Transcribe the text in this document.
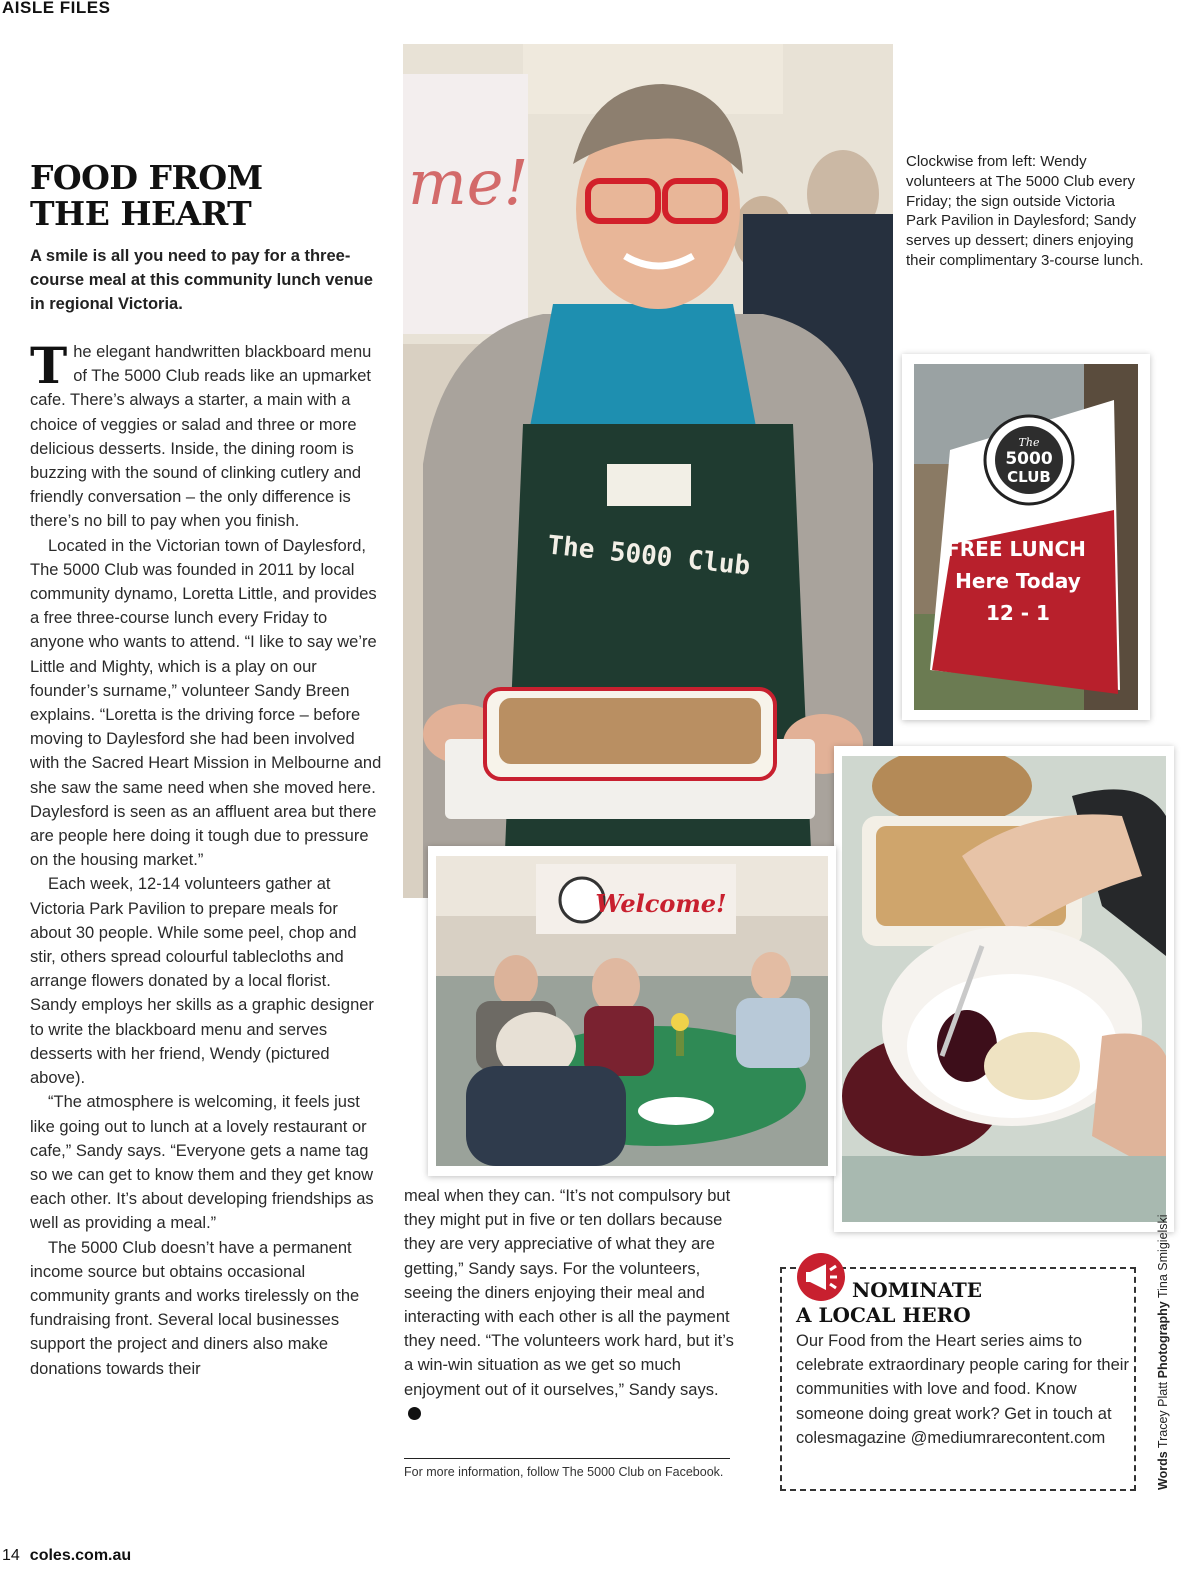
AISLE FILES
FOOD FROM
THE HEART
A smile is all you need to pay for a three-course meal at this community lunch venue in regional Victoria.

The elegant handwritten blackboard menu of The 5000 Club reads like an upmarket cafe. There’s always a starter, a main with a choice of veggies or salad and three or more delicious desserts. Inside, the dining room is buzzing with the sound of clinking cutlery and friendly conversation – the only difference is there’s no bill to pay when you finish.

Located in the Victorian town of Daylesford, The 5000 Club was founded in 2011 by local community dynamo, Loretta Little, and provides a free three-course lunch every Friday to anyone who wants to attend. “I like to say we’re Little and Mighty, which is a play on our founder’s surname,” volunteer Sandy Breen explains. “Loretta is the driving force – before moving to Daylesford she had been involved with the Sacred Heart Mission in Melbourne and she saw the same need when she moved here. Daylesford is seen as an affluent area but there are people here doing it tough due to pressure on the housing market.”

Each week, 12-14 volunteers gather at Victoria Park Pavilion to prepare meals for about 30 people. While some peel, chop and stir, others spread colourful tablecloths and arrange flowers donated by a local florist. Sandy employs her skills as a graphic designer to write the blackboard menu and serves desserts with her friend, Wendy (pictured above).

“The atmosphere is welcoming, it feels just like going out to lunch at a lovely restaurant or cafe,” Sandy says. “Everyone gets a name tag so we can get to know them and they get know each other. It’s about developing friendships as well as providing a meal.”

The 5000 Club doesn’t have a permanent income source but obtains occasional community grants and works tirelessly on the fundraising front. Several local businesses support the project and diners also make donations towards their

me!
The 5000 Club
Clockwise from left: Wendy volunteers at The 5000 Club every Friday; the sign outside Victoria Park Pavilion in Daylesford; Sandy serves up dessert; diners enjoying their complimentary 3-course lunch.
The
5000
CLUB
FREE LUNCH
Here Today
12 - 1
Welcome!

meal when they can. “It’s not compulsory but they might put in five or ten dollars because they are very appreciative of what they are getting,” Sandy says. For the volunteers, seeing the diners enjoying their meal and interacting with each other is all the payment they need. “The volunteers work hard, but it’s a win-win situation as we get so much enjoyment out of it ourselves,” Sandy says.

For more information, follow The 5000 Club on Facebook.
NOMINATE
A LOCAL HERO
Our Food from the Heart series aims to celebrate extraordinary people caring for their communities with love and food. Know someone doing great work? Get in touch at colesmagazine @mediumrarecontent.com
Words Tracey Platt Photography Tina Smigielski
14 coles.com.au
